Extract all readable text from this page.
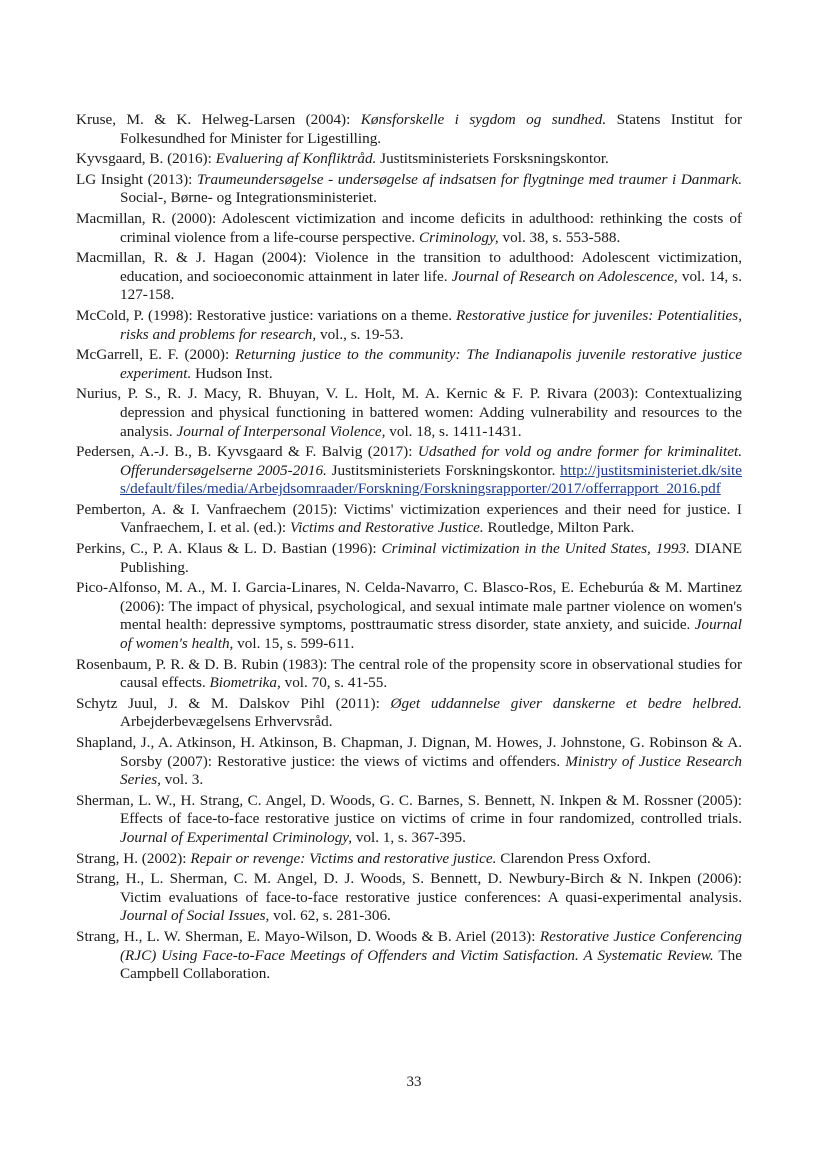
Kruse, M. & K. Helweg-Larsen (2004): Kønsforskelle i sygdom og sundhed. Statens Institut for Folkesundhed for Minister for Ligestilling.

Kyvsgaard, B. (2016): Evaluering af Konfliktråd. Justitsministeriets Forsksningskontor.

LG Insight (2013): Traumeundersøgelse - undersøgelse af indsatsen for flygtninge med traumer i Danmark. Social-, Børne- og Integrationsministeriet.

Macmillan, R. (2000): Adolescent victimization and income deficits in adulthood: rethinking the costs of criminal violence from a life-course perspective. Criminology, vol. 38, s. 553-588.

Macmillan, R. & J. Hagan (2004): Violence in the transition to adulthood: Adolescent victimization, education, and socioeconomic attainment in later life. Journal of Research on Adolescence, vol. 14, s. 127-158.

McCold, P. (1998): Restorative justice: variations on a theme. Restorative justice for juveniles: Potentialities, risks and problems for research, vol., s. 19-53.

McGarrell, E. F. (2000): Returning justice to the community: The Indianapolis juvenile restorative justice experiment. Hudson Inst.

Nurius, P. S., R. J. Macy, R. Bhuyan, V. L. Holt, M. A. Kernic & F. P. Rivara (2003): Contextualizing depression and physical functioning in battered women: Adding vulnerability and resources to the analysis. Journal of Interpersonal Violence, vol. 18, s. 1411-1431.

Pedersen, A.-J. B., B. Kyvsgaard & F. Balvig (2017): Udsathed for vold og andre former for kriminalitet. Offerundersøgelserne 2005-2016. Justitsministeriets Forskningskontor. http://justitsministeriet.dk/sites/default/files/media/Arbejdsomraader/Forskning/Forskningsrapporter/2017/offerrapport_2016.pdf

Pemberton, A. & I. Vanfraechem (2015): Victims' victimization experiences and their need for justice. I Vanfraechem, I. et al. (ed.): Victims and Restorative Justice. Routledge, Milton Park.

Perkins, C., P. A. Klaus & L. D. Bastian (1996): Criminal victimization in the United States, 1993. DIANE Publishing.

Pico-Alfonso, M. A., M. I. Garcia-Linares, N. Celda-Navarro, C. Blasco-Ros, E. Echeburúa & M. Martinez (2006): The impact of physical, psychological, and sexual intimate male partner violence on women's mental health: depressive symptoms, posttraumatic stress disorder, state anxiety, and suicide. Journal of women's health, vol. 15, s. 599-611.

Rosenbaum, P. R. & D. B. Rubin (1983): The central role of the propensity score in observational studies for causal effects. Biometrika, vol. 70, s. 41-55.

Schytz Juul, J. & M. Dalskov Pihl (2011): Øget uddannelse giver danskerne et bedre helbred. Arbejderbevægelsens Erhvervsråd.

Shapland, J., A. Atkinson, H. Atkinson, B. Chapman, J. Dignan, M. Howes, J. Johnstone, G. Robinson & A. Sorsby (2007): Restorative justice: the views of victims and offenders. Ministry of Justice Research Series, vol. 3.

Sherman, L. W., H. Strang, C. Angel, D. Woods, G. C. Barnes, S. Bennett, N. Inkpen & M. Rossner (2005): Effects of face-to-face restorative justice on victims of crime in four randomized, controlled trials. Journal of Experimental Criminology, vol. 1, s. 367-395.

Strang, H. (2002): Repair or revenge: Victims and restorative justice. Clarendon Press Oxford.

Strang, H., L. Sherman, C. M. Angel, D. J. Woods, S. Bennett, D. Newbury-Birch & N. Inkpen (2006): Victim evaluations of face-to-face restorative justice conferences: A quasi-experimental analysis. Journal of Social Issues, vol. 62, s. 281-306.

Strang, H., L. W. Sherman, E. Mayo-Wilson, D. Woods & B. Ariel (2013): Restorative Justice Conferencing (RJC) Using Face-to-Face Meetings of Offenders and Victim Satisfaction. A Systematic Review. The Campbell Collaboration.

33
